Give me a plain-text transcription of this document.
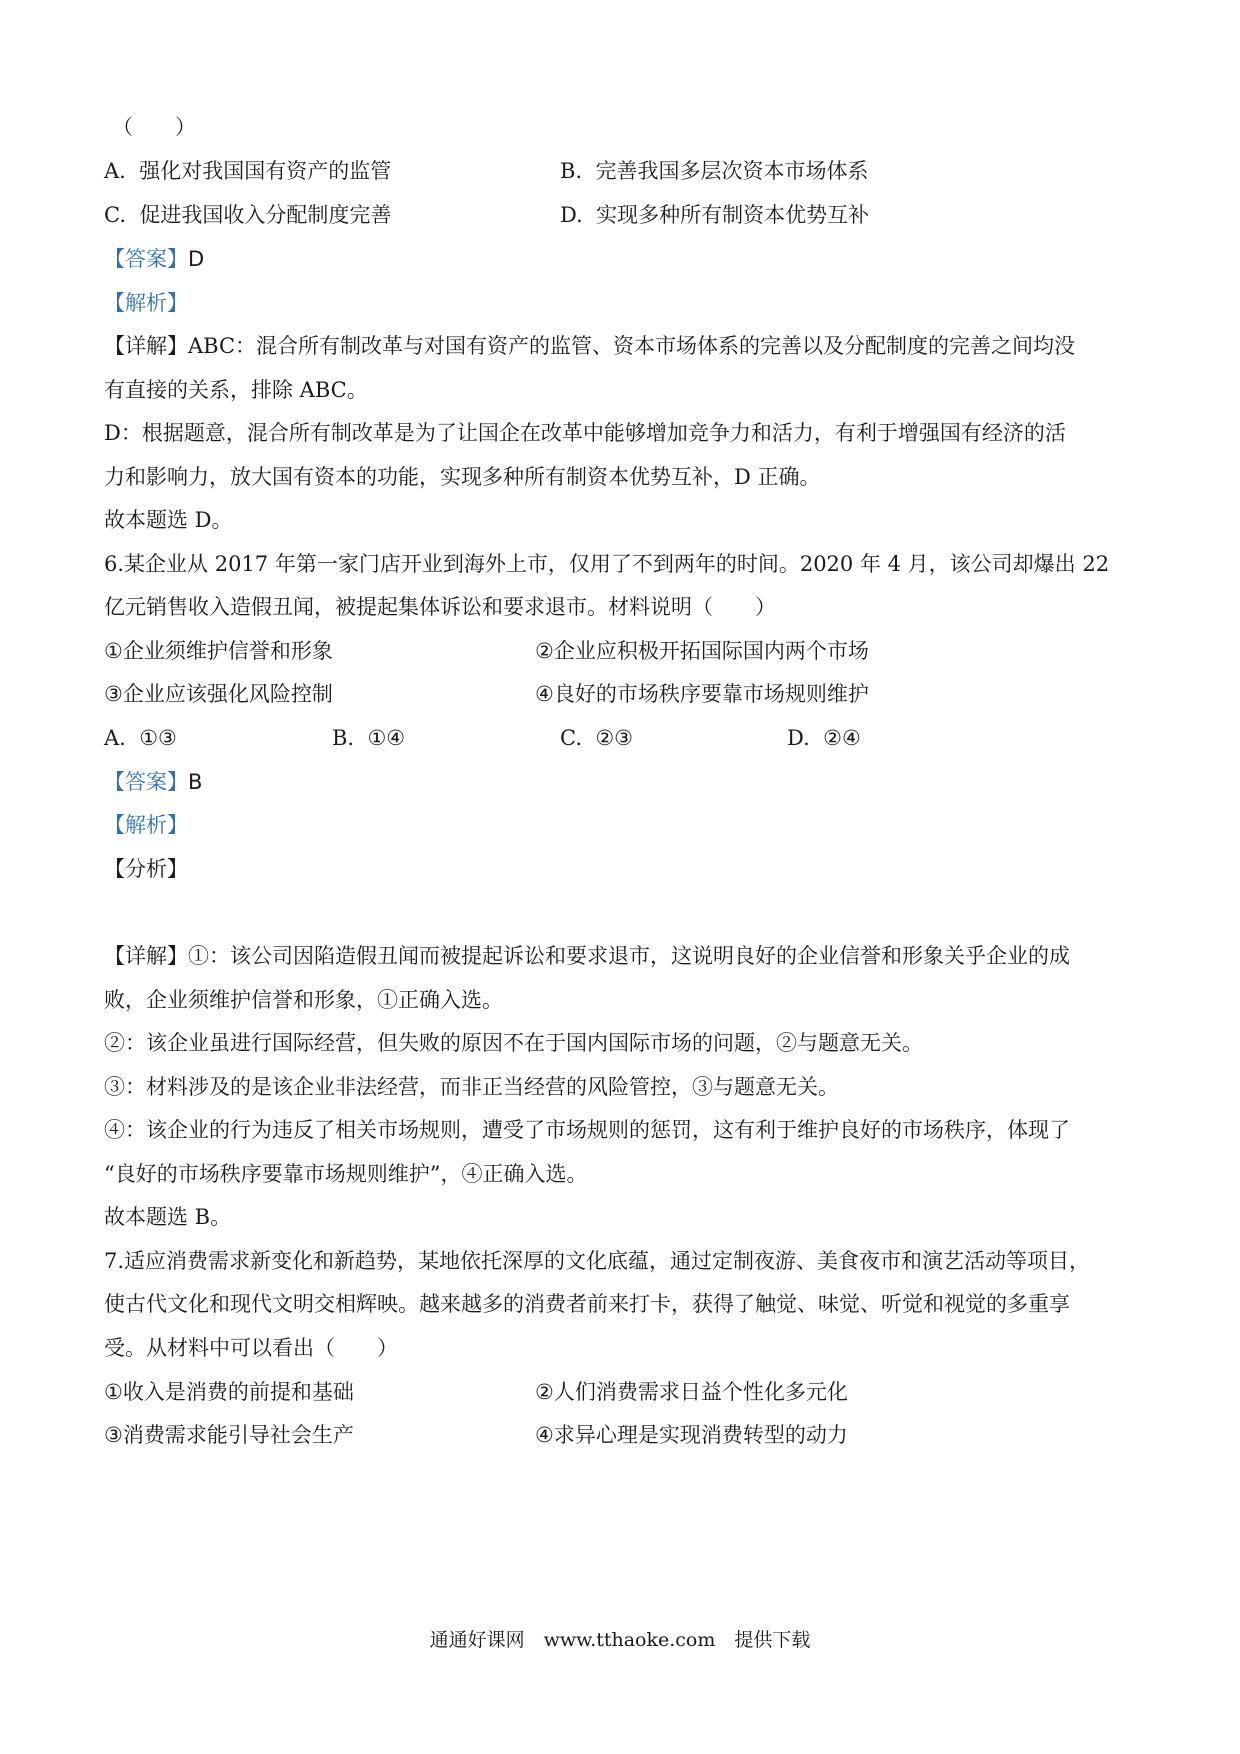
（　　）
A. 强化对我国国有资产的监管	B. 完善我国多层次资本市场体系
C. 促进我国收入分配制度完善	D. 实现多种所有制资本优势互补
【答案】D
【解析】
【详解】ABC：混合所有制改革与对国有资产的监管、资本市场体系的完善以及分配制度的完善之间均没
有直接的关系，排除 ABC。
D：根据题意，混合所有制改革是为了让国企在改革中能够增加竞争力和活力，有利于增强国有经济的活
力和影响力，放大国有资本的功能，实现多种所有制资本优势互补，D 正确。
故本题选 D。
6.某企业从 2017 年第一家门店开业到海外上市，仅用了不到两年的时间。2020 年 4 月，该公司却爆出 22
亿元销售收入造假丑闻，被提起集体诉讼和要求退市。材料说明（　　）
①企业须维护信誉和形象	②企业应积极开拓国际国内两个市场
③企业应该强化风险控制	④良好的市场秩序要靠市场规则维护
A. ①③	B. ①④	C. ②③	D. ②④
【答案】B
【解析】
【分析】
【详解】①：该公司因陷造假丑闻而被提起诉讼和要求退市，这说明良好的企业信誉和形象关乎企业的成
败，企业须维护信誉和形象，①正确入选。
②：该企业虽进行国际经营，但失败的原因不在于国内国际市场的问题，②与题意无关。
③：材料涉及的是该企业非法经营，而非正当经营的风险管控，③与题意无关。
④：该企业的行为违反了相关市场规则，遭受了市场规则的惩罚，这有利于维护良好的市场秩序，体现了
“良好的市场秩序要靠市场规则维护”，④正确入选。
故本题选 B。
7.适应消费需求新变化和新趋势，某地依托深厚的文化底蕴，通过定制夜游、美食夜市和演艺活动等项目，
使古代文化和现代文明交相辉映。越来越多的消费者前来打卡，获得了触觉、味觉、听觉和视觉的多重享
受。从材料中可以看出（　　）
①收入是消费的前提和基础	②人们消费需求日益个性化多元化
③消费需求能引导社会生产	④求异心理是实现消费转型的动力
通通好课网　www.tthaoke.com　提供下载
